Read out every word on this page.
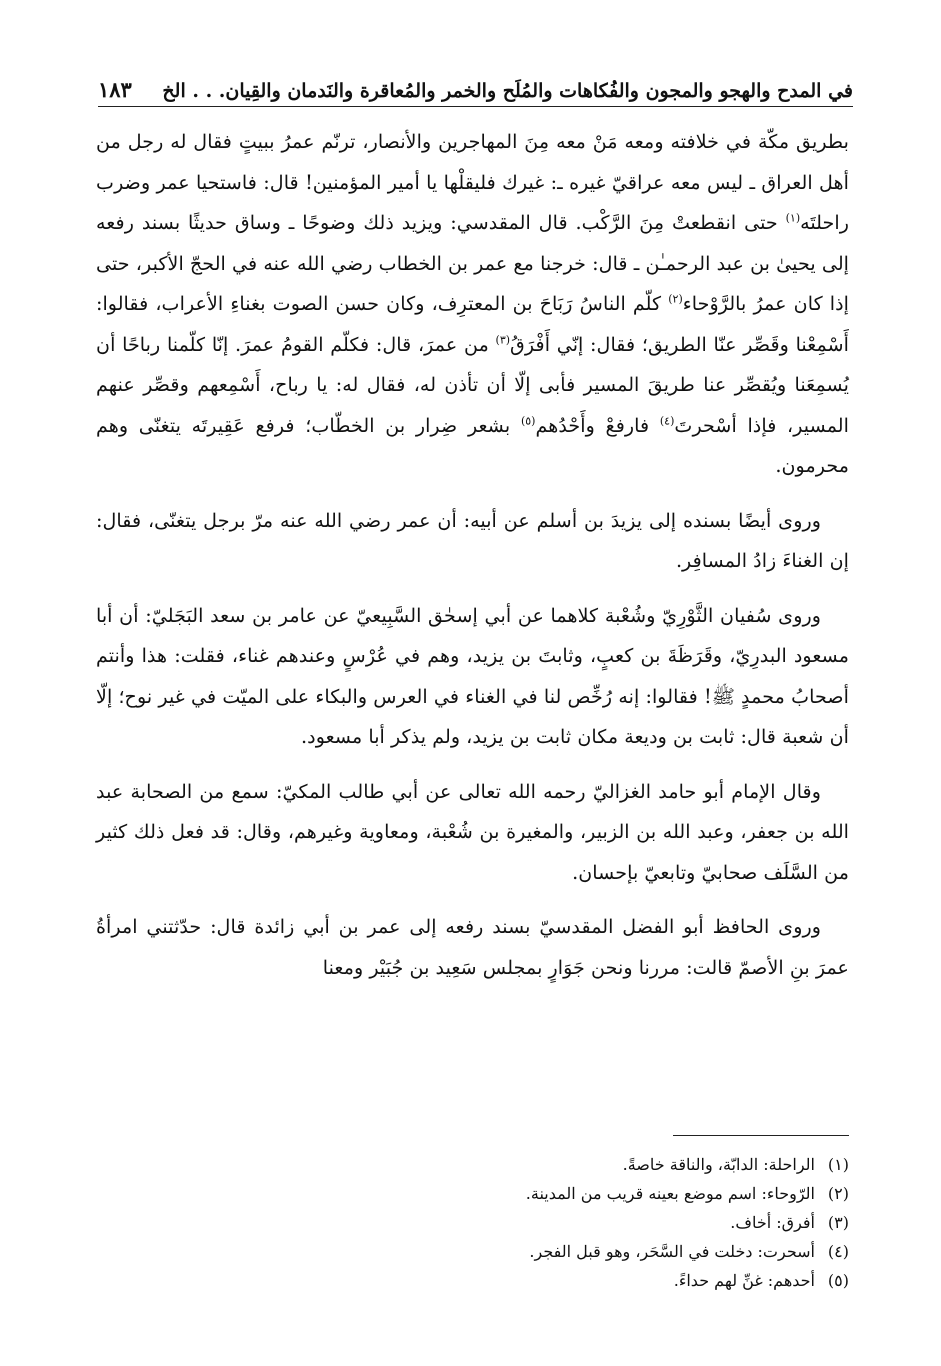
في المدح والهجو والمجون والفُكاهات والمُلَح والخمر والمُعاقرة والنَدمان والقِيان. . . الخ
١٨٣

بطريق مكّة في خلافته ومعه مَنْ معه مِنَ المهاجرين والأنصار، ترنّم عمرُ ببيتٍ فقال له رجل من أهل العراق ـ ليس معه عراقيّ غيره ـ: غيرك فليقلْها يا أمير المؤمنين! قال: فاستحيا عمر وضرب راحلتَه$^{(١)}$ حتى انقطعتْ مِنَ الرَّكْب. قال المقدسي: ويزيد ذلك وضوحًا ـ وساق حديثًا بسند رفعه إلى يحيىٰ بن عبد الرحمـٰن ـ قال: خرجنا مع عمر بن الخطاب رضي الله عنه في الحجّ الأكبر، حتى إذا كان عمرُ بالرَّوْحاء$^{(٢)}$ كلّم الناسُ رَبَاحَ بن المعترِف، وكان حسن الصوت بغناءِ الأعراب، فقالوا: أَسْمِعْنا وقَصِّر عنّا الطريق؛ فقال: إنّي أَفْرَقُ$^{(٣)}$ من عمرَ، قال: فكلّم القومُ عمرَ. إنّا كلّمنا رباحًا أن يُسمِعَنا ويُقصِّر عنا طريقَ المسير فأبى إلّا أن تأذن له، فقال له: يا رباح، أَسْمِعهم وقصِّر عنهم المسير، فإذا أسْحرتَ$^{(٤)}$ فارفعْ وأَحْدُهم$^{(٥)}$ بشعر ضِرار بن الخطّاب؛ فرفع عَقِيرتَه يتغنّى وهم محرمون.

وروى أيضًا بسنده إلى يزيدَ بن أسلم عن أبيه: أن عمر رضي الله عنه مرّ برجل يتغنّى، فقال: إن الغناءَ زادُ المسافِر.

وروى سُفيان الثَّوْرِيّ وشُعْبة كلاهما عن أبي إسحٰق السَّبِيعيّ عن عامر بن سعد البَجَليّ: أن أبا مسعود البدرِيّ، وقَرَظَةَ بن كعبٍ، وثابتَ بن يزيد، وهم في عُرْسٍ وعندهم غناء، فقلت: هذا وأنتم أصحابُ محمدٍ ﷺ! فقالوا: إنه رُخِّص لنا في الغناء في العرس والبكاء على الميّت في غير نوح؛ إلّا أن شعبة قال: ثابت بن وديعة مكان ثابت بن يزيد، ولم يذكر أبا مسعود.

وقال الإمام أبو حامد الغزاليّ رحمه الله تعالى عن أبي طالب المكيّ: سمع من الصحابة عبد الله بن جعفر، وعبد الله بن الزبير، والمغيرة بن شُعْبة، ومعاوية وغيرهم، وقال: قد فعل ذلك كثير من السَّلَف صحابيّ وتابعيّ بإحسان.

وروى الحافظ أبو الفضل المقدسيّ بسند رفعه إلى عمر بن أبي زائدة قال: حدّثتني امرأةُ عمرَ بنِ الأصمّ قالت: مررنا ونحن جَوَارٍ بمجلس سَعِيد بن جُبَيْر ومعنا

(١)الراحلة: الدابّة، والناقة خاصةً.
(٢)الرّوحاء: اسم موضع بعينه قريب من المدينة.
(٣)أفرق: أخاف.
(٤)أسحرت: دخلت في السَّحَر، وهو قبل الفجر.
(٥)أحدهم: غنِّ لهم حداءً.
